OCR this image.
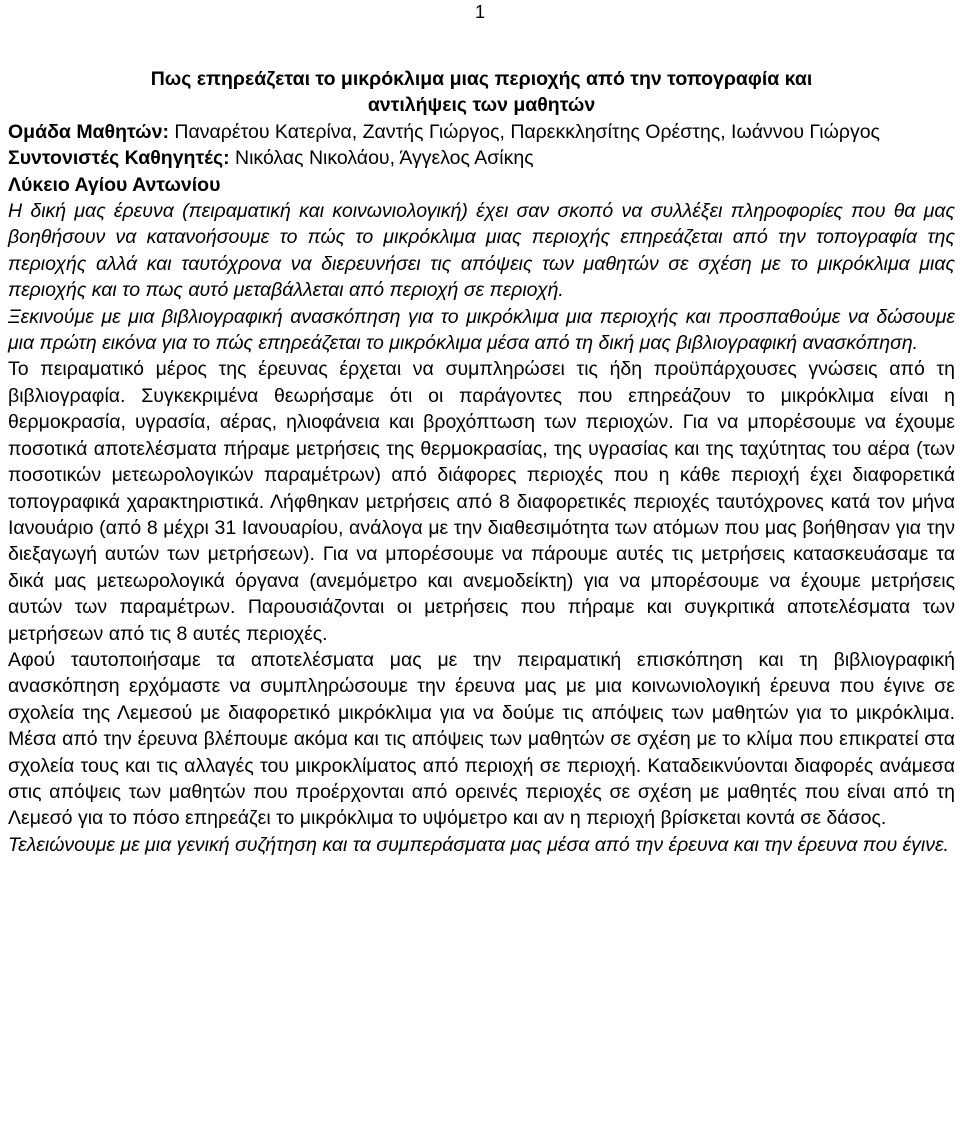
1

Πως επηρεάζεται το μικρόκλιμα μιας περιοχής από την τοπογραφία και
αντιλήψεις των μαθητών

Ομάδα Μαθητών: Παναρέτου Κατερίνα, Ζαντής Γιώργος, Παρεκκλησίτης Ορέστης, Ιωάννου Γιώργος

Συντονιστές Καθηγητές: Νικόλας Νικολάου, Άγγελος Ασίκης

Λύκειο Αγίου Αντωνίου

Η δική μας έρευνα (πειραματική και κοινωνιολογική) έχει σαν σκοπό να συλλέξει πληροφορίες που θα μας βοηθήσουν να κατανοήσουμε το πώς το μικρόκλιμα μιας περιοχής επηρεάζεται από την τοπογραφία της περιοχής αλλά και ταυτόχρονα να διερευνήσει τις απόψεις των μαθητών σε σχέση με το μικρόκλιμα μιας περιοχής και το πως αυτό μεταβάλλεται από περιοχή σε περιοχή.

Ξεκινούμε με μια βιβλιογραφική ανασκόπηση για το μικρόκλιμα μια περιοχής και προσπαθούμε να δώσουμε μια πρώτη εικόνα για το πώς επηρεάζεται το μικρόκλιμα μέσα από τη δική μας βιβλιογραφική ανασκόπηση.

Το πειραματικό μέρος της έρευνας έρχεται να συμπληρώσει τις ήδη προϋπάρχουσες γνώσεις από τη βιβλιογραφία. Συγκεκριμένα θεωρήσαμε ότι οι παράγοντες που επηρεάζουν το μικρόκλιμα είναι η θερμοκρασία, υγρασία, αέρας, ηλιοφάνεια και βροχόπτωση των περιοχών. Για να μπορέσουμε να έχουμε ποσοτικά αποτελέσματα πήραμε μετρήσεις της θερμοκρασίας, της υγρασίας και της ταχύτητας του αέρα (των ποσοτικών μετεωρολογικών παραμέτρων) από διάφορες περιοχές που η κάθε περιοχή έχει διαφορετικά τοπογραφικά χαρακτηριστικά. Λήφθηκαν μετρήσεις από 8 διαφορετικές περιοχές ταυτόχρονες κατά τον μήνα Ιανουάριο (από 8 μέχρι 31 Ιανουαρίου, ανάλογα με την διαθεσιμότητα των ατόμων που μας βοήθησαν για την διεξαγωγή αυτών των μετρήσεων). Για να μπορέσουμε να πάρουμε αυτές τις μετρήσεις κατασκευάσαμε τα δικά μας μετεωρολογικά όργανα (ανεμόμετρο και ανεμοδείκτη) για να μπορέσουμε να έχουμε μετρήσεις αυτών των παραμέτρων. Παρουσιάζονται οι μετρήσεις που πήραμε και συγκριτικά αποτελέσματα των μετρήσεων από τις 8 αυτές περιοχές.

Αφού ταυτοποιήσαμε τα αποτελέσματα μας με την πειραματική επισκόπηση και τη βιβλιογραφική ανασκόπηση ερχόμαστε να συμπληρώσουμε την έρευνα μας με μια κοινωνιολογική έρευνα που έγινε σε σχολεία της Λεμεσού με διαφορετικό μικρόκλιμα για να δούμε τις απόψεις των μαθητών για το μικρόκλιμα. Μέσα από την έρευνα βλέπουμε ακόμα και τις απόψεις των μαθητών σε σχέση με το κλίμα που επικρατεί στα σχολεία τους και τις αλλαγές του μικροκλίματος από περιοχή σε περιοχή. Καταδεικνύονται διαφορές ανάμεσα στις απόψεις των μαθητών που προέρχονται από ορεινές περιοχές σε σχέση με μαθητές που είναι από τη Λεμεσό για το πόσο επηρεάζει το μικρόκλιμα το υψόμετρο και αν η περιοχή βρίσκεται κοντά σε δάσος.

Τελειώνουμε με μια γενική συζήτηση και τα συμπεράσματα μας μέσα από την έρευνα και την έρευνα που έγινε.
